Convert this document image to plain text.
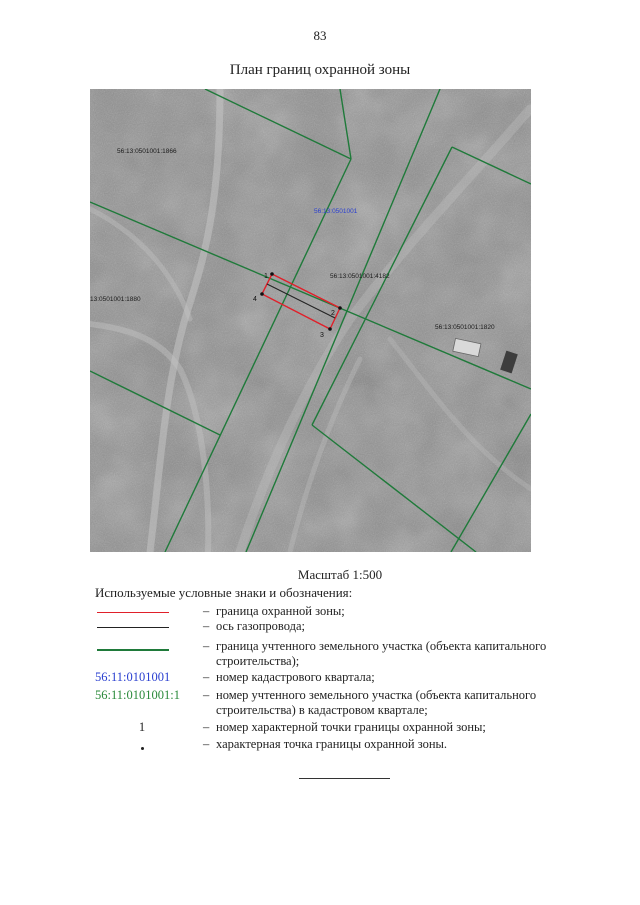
83
План границ охранной зоны
1
2
3
4
56:13:0501001:1866
56:13:0501001
56:13:0501001:4182
13:0501001:1880
56:13:0501001:1820
Масштаб 1:500
Используемые условные знаки и обозначения:
– граница охранной зоны;
– ось газопровода;
– граница учтенного земельного участка (объекта капитального строительства);
56:11:0101001	– номер кадастрового квартала;
56:11:0101001:1	– номер учтенного земельного участка (объекта капитального строительства) в кадастровом квартале;
1	– номер характерной точки границы охранной зоны;
– характерная точка границы охранной зоны.
